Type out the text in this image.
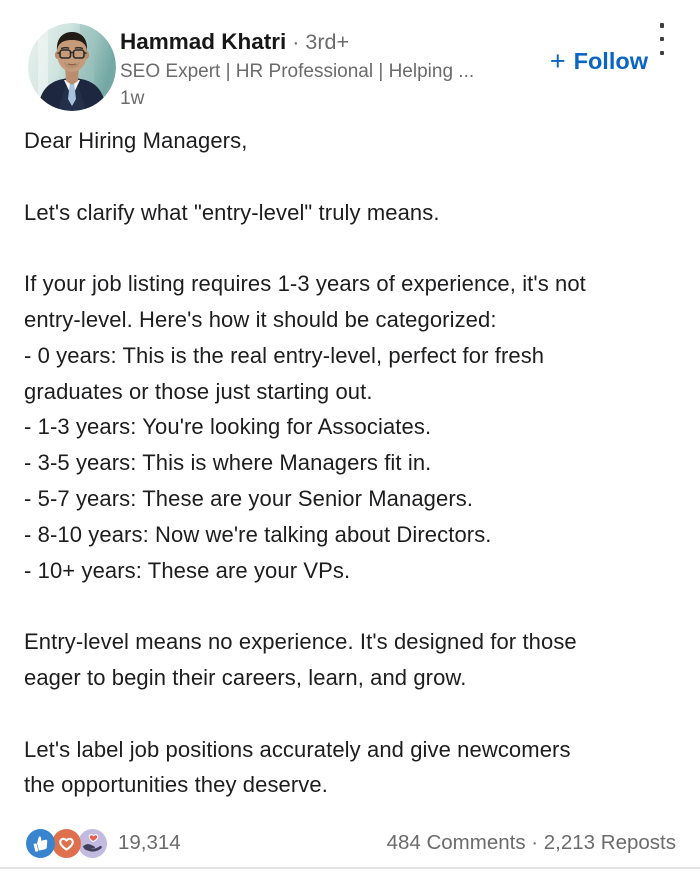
Hammad Khatri · 3rd+
SEO Expert | HR Professional | Helping ...
1w
+ Follow
Dear Hiring Managers,

Let's clarify what "entry-level" truly means.

If your job listing requires 1-3 years of experience, it's not
entry-level. Here's how it should be categorized:
- 0 years: This is the real entry-level, perfect for fresh
graduates or those just starting out.
- 1-3 years: You're looking for Associates.
- 3-5 years: This is where Managers fit in.
- 5-7 years: These are your Senior Managers.
- 8-10 years: Now we're talking about Directors.
- 10+ years: These are your VPs.

Entry-level means no experience. It's designed for those
eager to begin their careers, learn, and grow.

Let's label job positions accurately and give newcomers
the opportunities they deserve.
19,314	484 Comments · 2,213 Reposts
